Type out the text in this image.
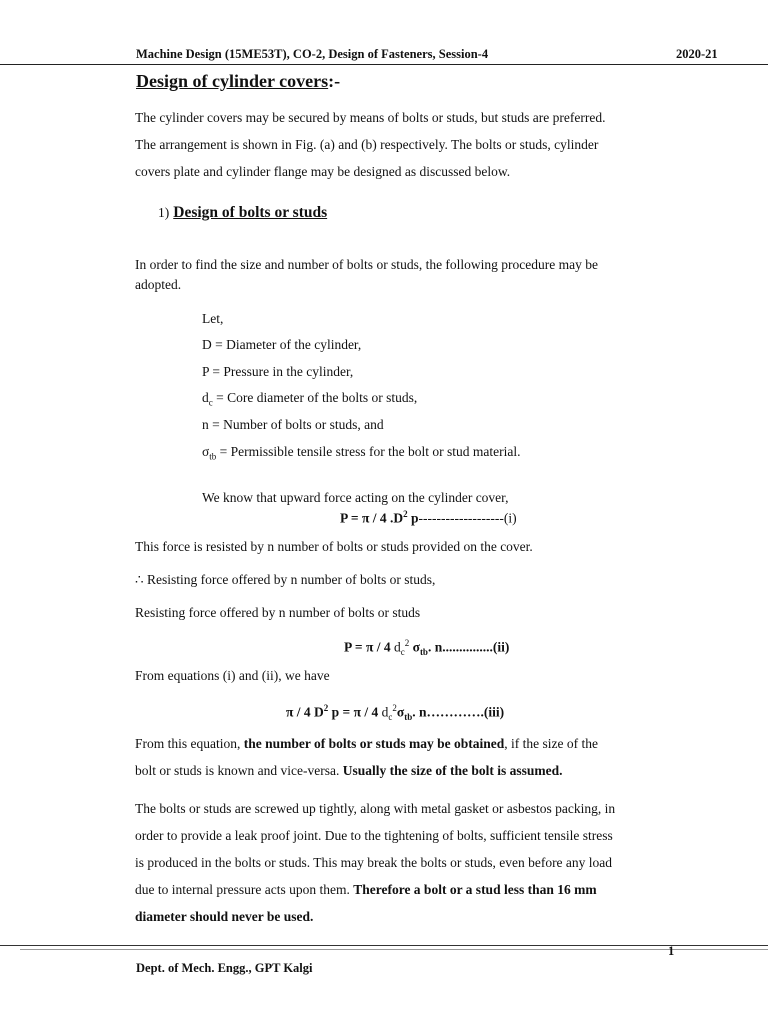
Machine Design (15ME53T), CO-2, Design of Fasteners, Session-4	2020-21
Design of cylinder covers:-
The cylinder covers may be secured by means of bolts or studs, but studs are preferred.
The arrangement is shown in Fig. (a) and (b) respectively. The bolts or studs, cylinder
covers plate and cylinder flange may be designed as discussed below.
1) Design of bolts or studs
In order to find the size and number of bolts or studs, the following procedure may be
adopted.
Let,
D = Diameter of the cylinder,
P = Pressure in the cylinder,
$d_c$ = Core diameter of the bolts or studs,
n = Number of bolts or studs, and
$\sigma_{tb}$ = Permissible tensile stress for the bolt or stud material.
We know that upward force acting on the cylinder cover,
P = π / 4 $.D^2$ p-------------------(i)
This force is resisted by n number of bolts or studs provided on the cover.
∴ Resisting force offered by n number of bolts or studs,
Resisting force offered by n number of bolts or studs
P = π / 4 $d_c^2$ $\sigma_{tb}$. n...............(ii)
From equations (i) and (ii), we have
π / 4 $D^2$ p = π / 4 $d_c^2\sigma_{tb}$. n………….(iii)
From this equation, the number of bolts or studs may be obtained, if the size of the
bolt or studs is known and vice-versa. Usually the size of the bolt is assumed.
The bolts or studs are screwed up tightly, along with metal gasket or asbestos packing, in
order to provide a leak proof joint. Due to the tightening of bolts, sufficient tensile stress
is produced in the bolts or studs. This may break the bolts or studs, even before any load
due to internal pressure acts upon them. Therefore a bolt or a stud less than 16 mm
diameter should never be used.
1
Dept. of Mech. Engg., GPT Kalgi
